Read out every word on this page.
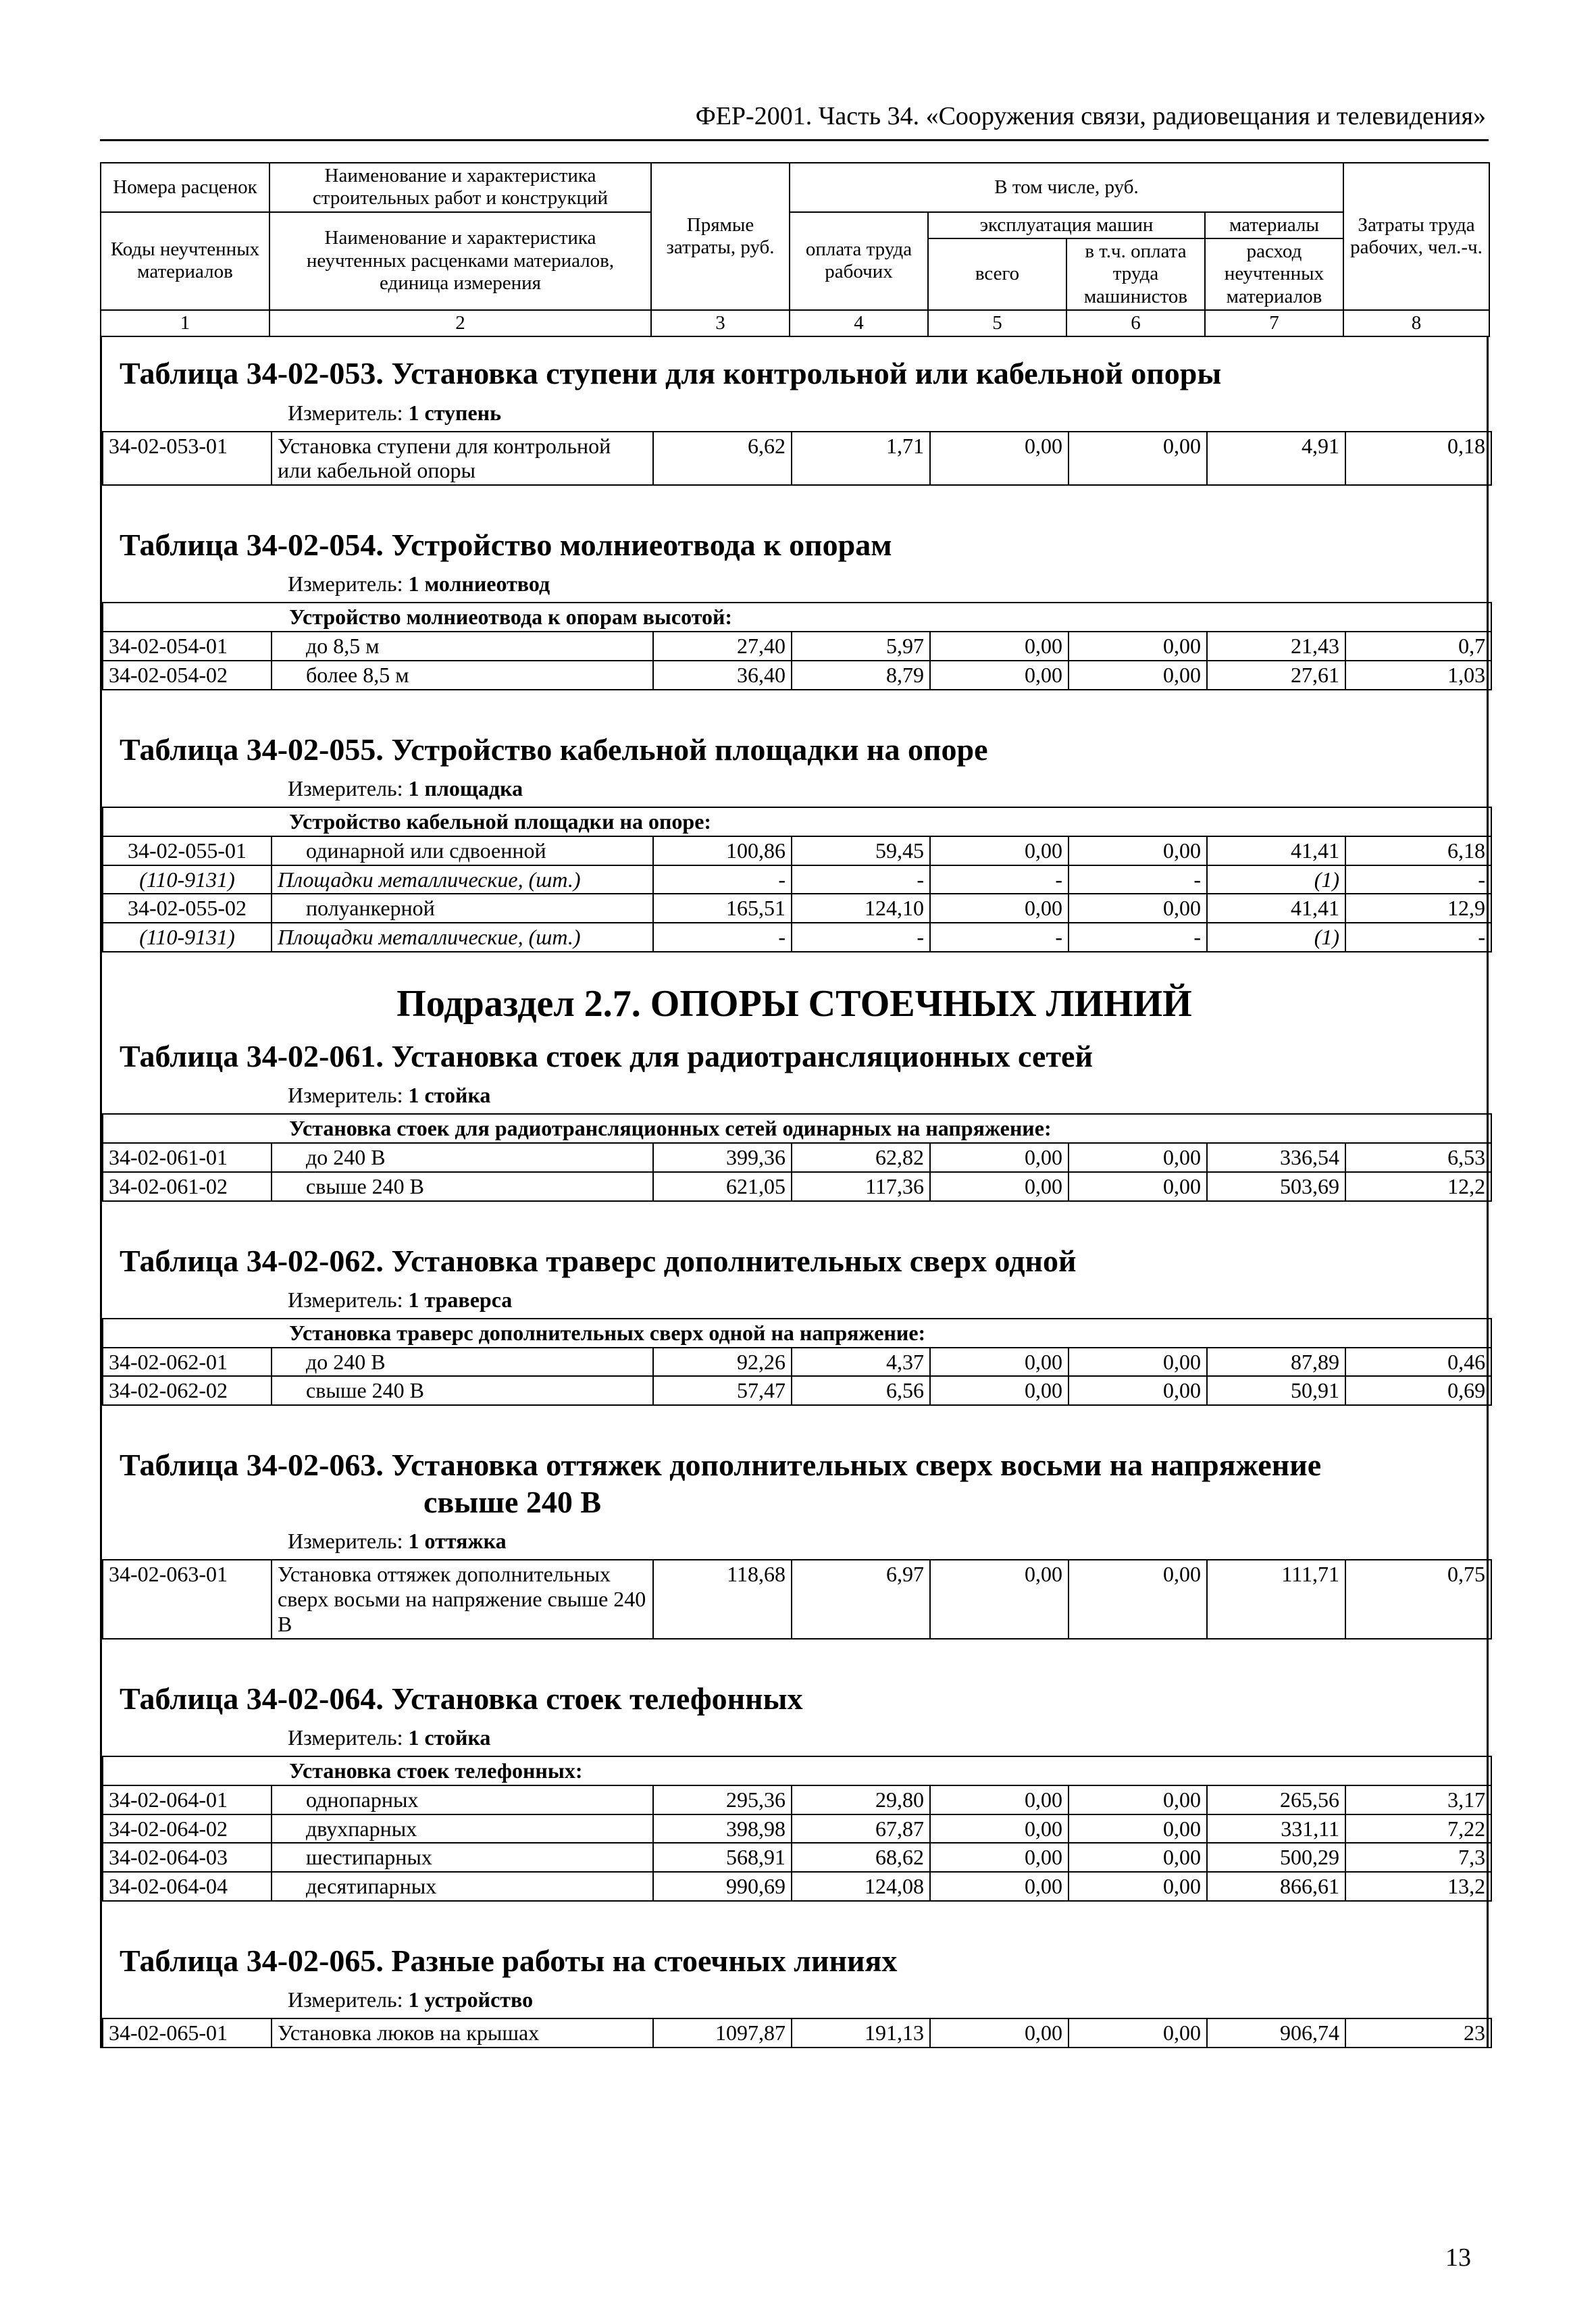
ФЕР-2001. Часть 34. «Сооружения связи, радиовещания и телевидения»
Номера расценок	Наименование и характеристика строительных работ и конструкций	Прямые затраты, руб.	В том числе, руб.				Затраты труда рабочих, чел.-ч.
Коды неучтенных материалов	Наименование и характеристика неучтенных расценками материалов, единица измерения		оплата труда рабочих	эксплуатация машин		материалы	
				всего	в т.ч. оплата труда машинистов	расход неучтенных материалов	
1	2	3	4	5	6	7	8
Таблица 34-02-053. Установка ступени для контрольной или кабельной опоры
Измеритель: 1 ступень
34-02-053-01	Установка ступени для контрольной или кабельной опоры	6,62	1,71	0,00	0,00	4,91	0,18
Таблица 34-02-054. Устройство молниеотвода к опорам
Измеритель: 1 молниеотвод
Устройство молниеотвода к опорам высотой:							
34-02-054-01	до 8,5 м	27,40	5,97	0,00	0,00	21,43	0,7
34-02-054-02	более 8,5 м	36,40	8,79	0,00	0,00	27,61	1,03
Таблица 34-02-055. Устройство кабельной площадки на опоре
Измеритель: 1 площадка
Устройство кабельной площадки на опоре:							
34-02-055-01	одинарной или сдвоенной	100,86	59,45	0,00	0,00	41,41	6,18
(110-9131)	Площадки металлические, (шт.)	-	-	-	-	(1)	-
34-02-055-02	полуанкерной	165,51	124,10	0,00	0,00	41,41	12,9
(110-9131)	Площадки металлические, (шт.)	-	-	-	-	(1)	-
Подраздел 2.7. ОПОРЫ СТОЕЧНЫХ ЛИНИЙ
Таблица 34-02-061. Установка стоек для радиотрансляционных сетей
Измеритель: 1 стойка
Установка стоек для радиотрансляционных сетей одинарных на напряжение:							
34-02-061-01	до 240 В	399,36	62,82	0,00	0,00	336,54	6,53
34-02-061-02	свыше 240 В	621,05	117,36	0,00	0,00	503,69	12,2
Таблица 34-02-062. Установка траверс дополнительных сверх одной
Измеритель: 1 траверса
Установка траверс дополнительных сверх одной на напряжение:							
34-02-062-01	до 240 В	92,26	4,37	0,00	0,00	87,89	0,46
34-02-062-02	свыше 240 В	57,47	6,56	0,00	0,00	50,91	0,69
Таблица 34-02-063. Установка оттяжек дополнительных сверх восьми на напряжение
свыше 240 В
Измеритель: 1 оттяжка
34-02-063-01	Установка оттяжек дополнительных сверх восьми на напряжение свыше 240 В	118,68	6,97	0,00	0,00	111,71	0,75
Таблица 34-02-064. Установка стоек телефонных
Измеритель: 1 стойка
Установка стоек телефонных:							
34-02-064-01	однопарных	295,36	29,80	0,00	0,00	265,56	3,17
34-02-064-02	двухпарных	398,98	67,87	0,00	0,00	331,11	7,22
34-02-064-03	шестипарных	568,91	68,62	0,00	0,00	500,29	7,3
34-02-064-04	десятипарных	990,69	124,08	0,00	0,00	866,61	13,2
Таблица 34-02-065. Разные работы на стоечных линиях
Измеритель: 1 устройство
34-02-065-01	Установка люков на крышах	1097,87	191,13	0,00	0,00	906,74	23
13
